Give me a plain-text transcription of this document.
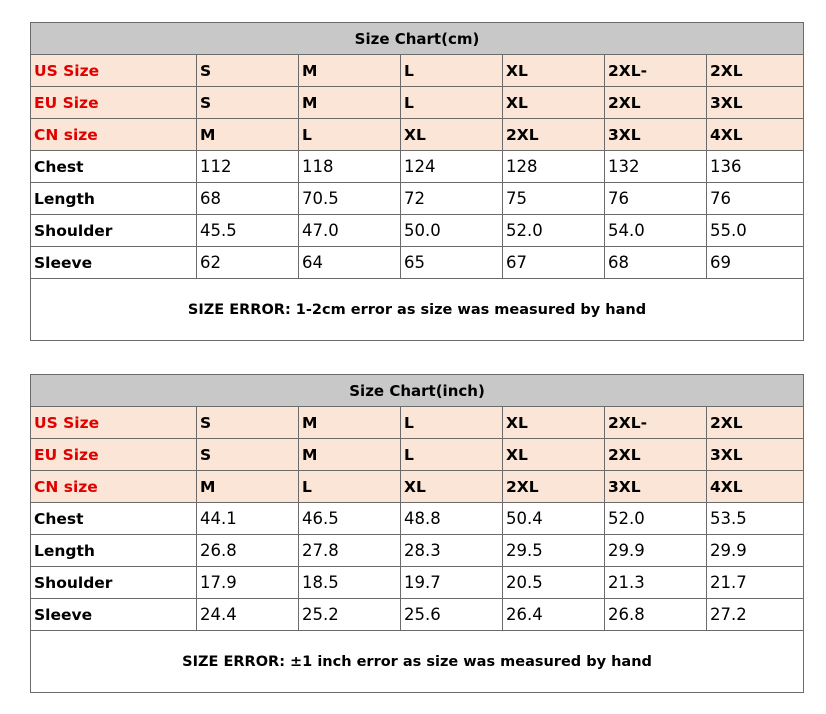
Size Chart(cm)						
US Size	S	M	L	XL	2XL-	2XL
EU Size	S	M	L	XL	2XL	3XL
CN size	M	L	XL	2XL	3XL	4XL
Chest	112	118	124	128	132	136
Length	68	70.5	72	75	76	76
Shoulder	45.5	47.0	50.0	52.0	54.0	55.0
Sleeve	62	64	65	67	68	69
SIZE ERROR: 1-2cm error as size was measured by hand						
Size Chart(inch)						
US Size	S	M	L	XL	2XL-	2XL
EU Size	S	M	L	XL	2XL	3XL
CN size	M	L	XL	2XL	3XL	4XL
Chest	44.1	46.5	48.8	50.4	52.0	53.5
Length	26.8	27.8	28.3	29.5	29.9	29.9
Shoulder	17.9	18.5	19.7	20.5	21.3	21.7
Sleeve	24.4	25.2	25.6	26.4	26.8	27.2
SIZE ERROR: ±1 inch error as size was measured by hand						
